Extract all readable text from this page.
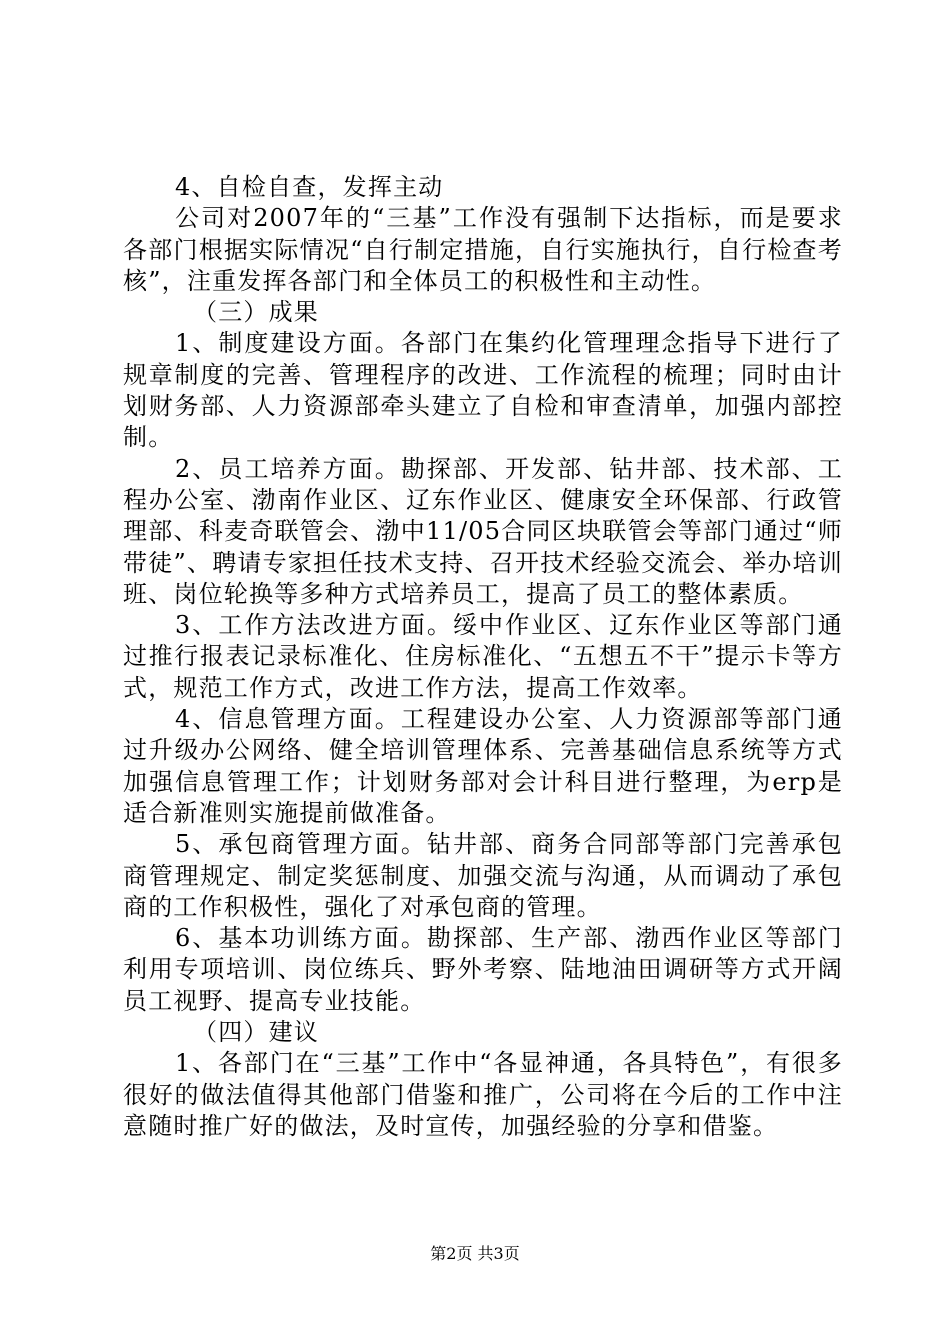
4、自检自查，发挥主动

公司对2007年的“三基”工作没有强制下达指标，而是要求各部门根据实际情况“自行制定措施，自行实施执行，自行检查考核”，注重发挥各部门和全体员工的积极性和主动性。

（三）成果

1、制度建设方面。各部门在集约化管理理念指导下进行了规章制度的完善、管理程序的改进、工作流程的梳理；同时由计划财务部、人力资源部牵头建立了自检和审查清单，加强内部控制。

2、员工培养方面。勘探部、开发部、钻井部、技术部、工程办公室、渤南作业区、辽东作业区、健康安全环保部、行政管理部、科麦奇联管会、渤中11/05合同区块联管会等部门通过“师带徒”、聘请专家担任技术支持、召开技术经验交流会、举办培训班、岗位轮换等多种方式培养员工，提高了员工的整体素质。

3、工作方法改进方面。绥中作业区、辽东作业区等部门通过推行报表记录标准化、住房标准化、“五想五不干”提示卡等方式，规范工作方式，改进工作方法，提高工作效率。

4、信息管理方面。工程建设办公室、人力资源部等部门通过升级办公网络、健全培训管理体系、完善基础信息系统等方式加强信息管理工作；计划财务部对会计科目进行整理，为erp是适合新准则实施提前做准备。

5、承包商管理方面。钻井部、商务合同部等部门完善承包商管理规定、制定奖惩制度、加强交流与沟通，从而调动了承包商的工作积极性，强化了对承包商的管理。

6、基本功训练方面。勘探部、生产部、渤西作业区等部门利用专项培训、岗位练兵、野外考察、陆地油田调研等方式开阔员工视野、提高专业技能。

（四）建议

1、各部门在“三基”工作中“各显神通，各具特色”，有很多很好的做法值得其他部门借鉴和推广，公司将在今后的工作中注意随时推广好的做法，及时宣传，加强经验的分享和借鉴。

第2页 共3页
